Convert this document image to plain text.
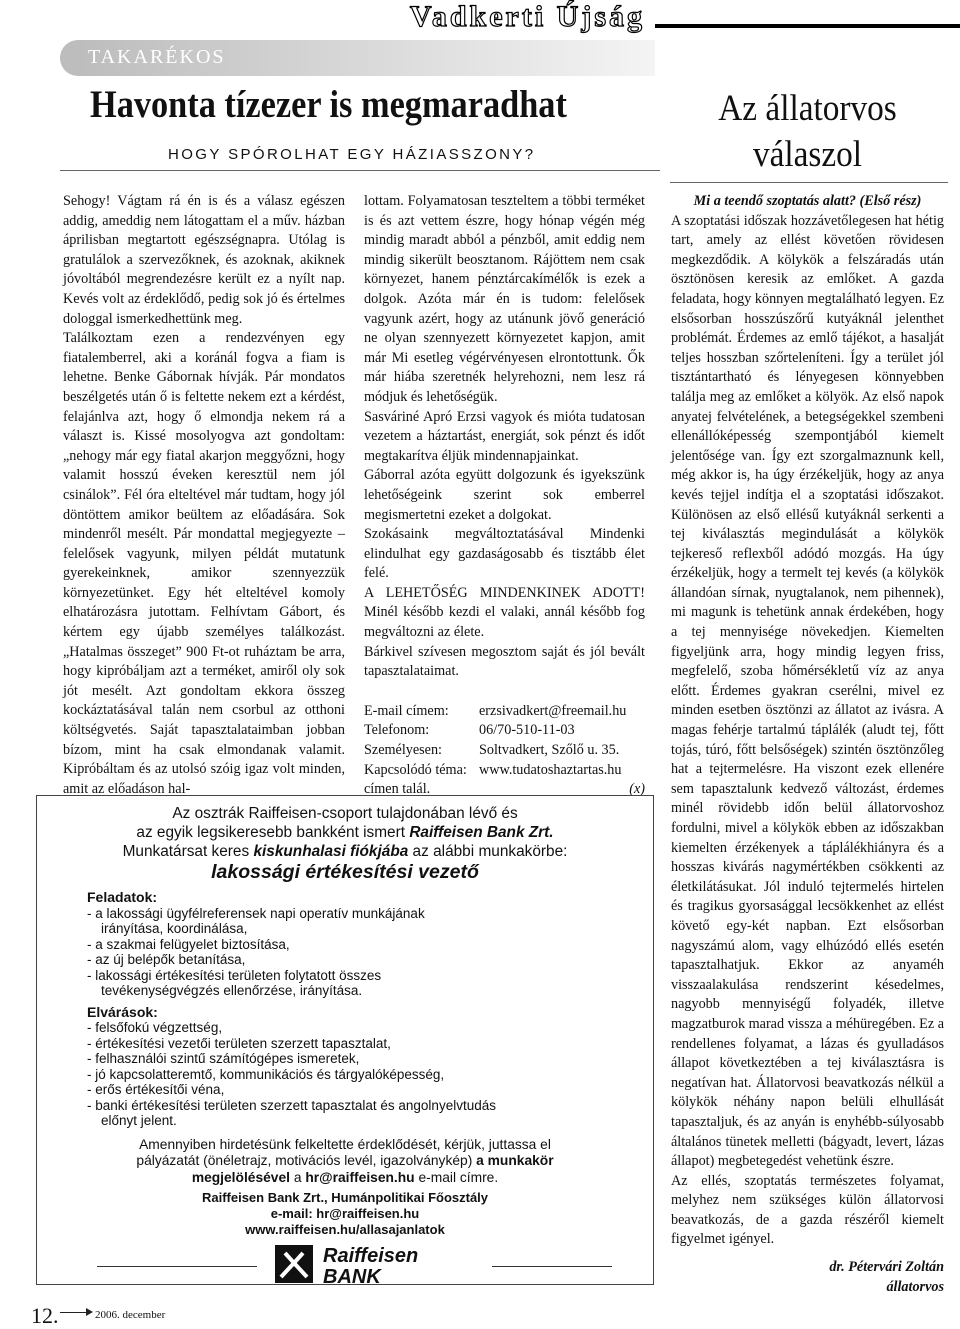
Vadkerti Újság
TAKARÉKOS
Havonta tízezer is megmaradhat
HOGY SPÓROLHAT EGY HÁZIASSZONY?
Az állatorvos
válaszol

Sehogy! Vágtam rá én is és a válasz egészen addig, ameddig nem látogattam el a műv. házban áprilisban megtartott egészségnapra. Utólag is gratulálok a szervezőknek, és azoknak, akiknek jóvoltából megrendezésre került ez a nyílt nap. Kevés volt az érdeklődő, pedig sok jó és értelmes dologgal ismerkedhettünk meg.

Találkoztam ezen a rendezvényen egy fiatalemberrel, aki a koránál fogva a fiam is lehetne. Benke Gábornak hívják. Pár mondatos beszélgetés után ő is feltette nekem ezt a kérdést, felajánlva azt, hogy ő elmondja nekem rá a választ is. Kissé mosolyogva azt gondoltam: „nehogy már egy fiatal akarjon meggyőzni, hogy valamit hosszú éveken keresztül nem jól csinálok”. Fél óra elteltével már tudtam, hogy jól döntöttem amikor beültem az előadására. Sok mindenről mesélt. Pár mondattal megjegyezte – felelősek vagyunk, milyen példát mutatunk gyerekeinknek, amikor szennyezzük környezetünket. Egy hét elteltével komoly elhatározásra jutottam. Felhívtam Gábort, és kértem egy újabb személyes találkozást. „Hatalmas összeget” 900 Ft-ot ruháztam be arra, hogy kipróbáljam azt a terméket, amiről oly sok jót mesélt. Azt gondoltam ekkora összeg kockáztatásával talán nem csorbul az otthoni költségvetés. Saját tapasztalataimban jobban bízom, mint ha csak elmondanak valamit. Kipróbáltam és az utolsó szóig igaz volt minden, amit az előadáson hal-

lottam. Folyamatosan teszteltem a többi terméket is és azt vettem észre, hogy hónap végén még mindig maradt abból a pénzből, amit eddig nem mindig sikerült beosztanom. Rájöttem nem csak környezet, hanem pénztárcakímélők is ezek a dolgok. Azóta már én is tudom: felelősek vagyunk azért, hogy az utánunk jövő generáció ne olyan szennyezett környezetet kapjon, amit már Mi esetleg végérvényesen elrontottunk. Ők már hiába szeretnék helyrehozni, nem lesz rá módjuk és lehetőségük.

Sasváriné Apró Erzsi vagyok és mióta tudatosan vezetem a háztartást, energiát, sok pénzt és időt megtakarítva éljük mindennapjainkat.

Gáborral azóta együtt dolgozunk és igyekszünk lehetőségeink szerint sok emberrel megismertetni ezeket a dolgokat.

Szokásaink megváltoztatásával Mindenki elindulhat egy gazdaságosabb és tisztább élet felé.

A LEHETŐSÉG MINDENKINEK ADOTT! Minél később kezdi el valaki, annál később fog megváltozni az élete.

Bárkivel szívesen megosztom saját és jól bevált tapasztalataimat.

E-mail címem:	erzsivadkert@freemail.hu
Telefonom:	06/70-510-11-03
Személyesen:	Soltvadkert, Szőlő u. 35.
Kapcsolódó téma:	www.tudatoshaztartas.hu
címen talál.	(x)

Mi a teendő szoptatás alatt? (Első rész)

A szoptatási időszak hozzávetőlegesen hat hétig tart, amely az ellést követően rövidesen megkezdődik. A kölykök a felszáradás után ösztönösen keresik az emlőket. A gazda feladata, hogy könnyen megtalálható legyen. Ez elsősorban hosszúszőrű kutyáknál jelenthet problémát. Érdemes az emlő tájékot, a hasalját teljes hosszban szőrteleníteni. Így a terület jól tisztántartható és lényegesen könnyebben találja meg az emlőket a kölyök. Az első napok anyatej felvételének, a betegségekkel szembeni ellenállóképesség szempontjából kiemelt jelentősége van. Így ezt szorgalmaznunk kell, még akkor is, ha úgy érzékeljük, hogy az anya kevés tejjel indítja el a szoptatási időszakot. Különösen az első ellésű kutyáknál serkenti a tej kiválasztás megindulását a kölykök tejkereső reflexből adódó mozgás. Ha úgy érzékeljük, hogy a termelt tej kevés (a kölykök állandóan sírnak, nyugtalanok, nem pihennek), mi magunk is tehetünk annak érdekében, hogy a tej mennyisége növekedjen. Kiemelten figyeljünk arra, hogy mindig legyen friss, megfelelő, szoba hőmérsékletű víz az anya előtt. Érdemes gyakran cserélni, mivel ez minden esetben ösztönzi az állatot az ivásra. A magas fehérje tartalmú táplálék (aludt tej, főtt tojás, túró, főtt belsőségek) szintén ösztönzőleg hat a tejtermelésre. Ha viszont ezek ellenére sem tapasztalunk kedvező változást, érdemes minél rövidebb időn belül állatorvoshoz fordulni, mivel a kölykök ebben az időszakban kiemelten érzékenyek a táplálékhiányra és a hosszas kivárás nagymértékben csökkenti az életkilátásukat. Jól induló tejtermelés hirtelen és tragikus gyorsasággal lecsökkenhet az ellést követő egy-két napban. Ezt elsősorban nagyszámú alom, vagy elhúzódó ellés esetén tapasztalhatjuk. Ekkor az anyaméh visszaalakulása rendszerint késedelmes, nagyobb mennyiségű folyadék, illetve magzatburok marad vissza a méhüregében. Ez a rendellenes folyamat, a lázas és gyulladásos állapot következtében a tej kiválasztásra is negatívan hat. Állatorvosi beavatkozás nélkül a kölykök néhány napon belüli elhullását tapasztaljuk, és az anyán is enyhébb-súlyosabb általános tünetek melletti (bágyadt, levert, lázas állapot) megbetegedést vehetünk észre.

Az ellés, szoptatás természetes folyamat, melyhez nem szükséges külön állatorvosi beavatkozás, de a gazda részéről kiemelt figyelmet igényel.

dr. Pétervári Zoltán

állatorvos

Az osztrák Raiffeisen-csoport tulajdonában lévő és
az egyik legsikeresebb bankként ismert Raiffeisen Bank Zrt.
Munkatársat keres kiskunhalasi fiókjába az alábbi munkakörbe:
lakossági értékesítési vezető
Feladatok:
- a lakossági ügyfélreferensek napi operatív munkájának
irányítása, koordinálása,
- a szakmai felügyelet biztosítása,
- az új belépők betanítása,
- lakossági értékesítési területen folytatott összes
tevékenységvégzés ellenőrzése, irányítása.
Elvárások:
- felsőfokú végzettség,
- értékesítési vezetői területen szerzett tapasztalat,
- felhasználói szintű számítógépes ismeretek,
- jó kapcsolatteremtő, kommunikációs és tárgyalóképesség,
- erős értékesítői véna,
- banki értékesítési területen szerzett tapasztalat és angolnyelvtudás
előnyt jelent.
Amennyiben hirdetésünk felkeltette érdeklődését, kérjük, juttassa el
pályázatát (önéletrajz, motivációs levél, igazolványkép) a munkakör
megjelölésével a hr@raiffeisen.hu e-mail címre.
Raiffeisen Bank Zrt., Humánpolitikai Főosztály
e-mail: hr@raiffeisen.hu
www.raiffeisen.hu/allasajanlatok
Raiffeisen
BANK
12.	2006. december
